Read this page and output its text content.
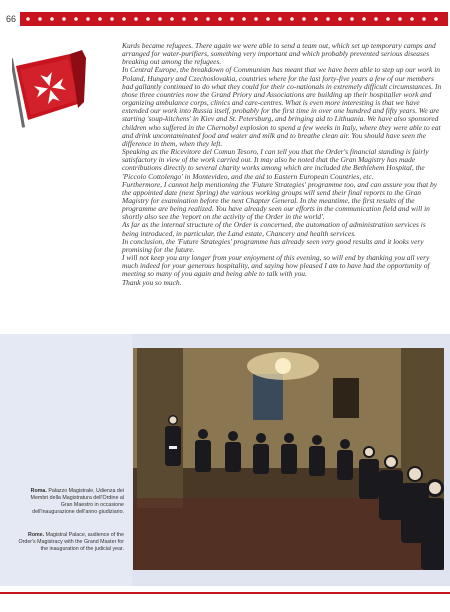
66

Kurds became refugees. There again we were able to send a team out, which set up temporary camps and arranged for water-purifiers, something very important and which probably prevented serious diseases breaking out among the refugees.

In Central Europe, the breakdown of Communism has meant that we have been able to step up our work in Poland, Hungary and Czechoslovakia, countries where for the last forty-five years a few of our members had gallantly continued to do what they could for their co-nationals in extremely difficult circumstances. In those three countries now the Grand Priory and Associations are building up their hospitaller work and organizing ambulance corps, clinics and care-centres. What is even more interesting is that we have extended our work into Russia itself, probably for the first time in over one hundred and fifty years. We are starting 'soup-kitchens' in Kiev and St. Petersburg, and bringing aid to Lithuania. We have also sponsored children who suffered in the Chernobyl explosion to spend a few weeks in Italy, where they were able to eat and drink uncontaminated food and water and milk and to breathe clean air. You should have seen the difference in them, when they left.

Speaking as the Ricevitore del Comun Tesoro, I can tell you that the Order's financial standing is fairly satisfactory in view of the work carried out. It may also be noted that the Gran Magistry has made contributions directly to several charity works among which are included the Bethlehem Hospital, the 'Piccolo Cottolengo' in Montevideo, and the aid to Eastern European Countries, etc.

Furthermore, I cannot help mentioning the 'Future Strategies' programme too, and can assure you that by the appointed date (next Spring) the various working groups will send their final reports to the Gran Magistry for examination before the next Chapter General. In the meantime, the first results of the programme are being realized. You have already seen our efforts in the communication field and will in shortly also see the 'report on the activity of the Order in the world'.

As far as the internal structure of the Order is concerned, the automation of administration services is being introduced, in particular, the Land estate, Chancery and health services.

In conclusion, the 'Future Strategies' programme has already seen very good results and it looks very promising for the future.

I will not keep you any longer from your enjoyment of this evening, so will end by thanking you all very much indeed for your generous hospitality, and saying how pleased I am to have had the opportunity of meeting so many of you again and being able to talk with you.

Thank you so much.

Roma. Palazzo Magistrale, Udienza dei Membri della Magistratura dell'Ordine al Gran Maestro in occasione dell'inaugurazione dell'anno giudiziario.
Rome. Magistral Palace, audience of the Order's Magistracy with the Grand Master for the inauguration of the judicial year.
